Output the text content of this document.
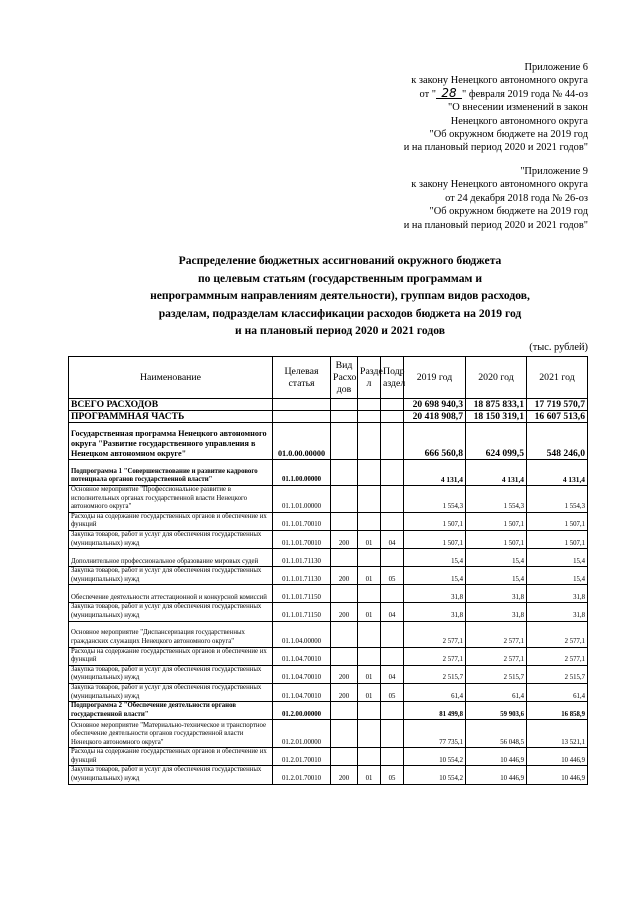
Приложение 6
к закону Ненецкого автономного округа
от " 28 " февраля 2019 года № 44-оз
"О внесении изменений в закон
Ненецкого автономного округа
"Об окружном бюджете на 2019 год
и на плановый период 2020 и 2021 годов"
"Приложение 9
к закону Ненецкого автономного округа
от 24 декабря 2018 года № 26-оз
"Об окружном бюджете на 2019 год
и на плановый период 2020 и 2021 годов"
Распределение бюджетных ассигнований окружного бюджета
по целевым статьям (государственным программам и
непрограммным направлениям деятельности), группам видов расходов,
разделам, подразделам классификации расходов бюджета на 2019 год
и на плановый период 2020 и 2021 годов
(тыс. рублей)
Наименование	Целевая статья	Вид Расхо дов	Разде л	Подр аздел	2019 год	2020 год	2021 год
ВСЕГО РАСХОДОВ					20 698 940,3	18 875 833,1	17 719 570,7
ПРОГРАММНАЯ ЧАСТЬ					20 418 908,7	18 150 319,1	16 607 513,6
Государственная программа Ненецкого автономного округа "Развитие государственного управления в Ненецком автономном округе"	01.0.00.00000				666 560,8	624 099,5	548 246,0
Подпрограмма 1 "Совершенствование и развитие кадрового потенциала органов государственной власти"	01.1.00.00000				4 131,4	4 131,4	4 131,4
Основное мероприятие "Профессиональное развитие в исполнительных органах государственной власти Ненецкого автономного округа"	01.1.01.00000				1 554,3	1 554,3	1 554,3
Расходы на содержание государственных органов и обеспечение их функций	01.1.01.70010				1 507,1	1 507,1	1 507,1
Закупка товаров, работ и услуг для обеспечения государственных (муниципальных) нужд	01.1.01.70010	200	01	04	1 507,1	1 507,1	1 507,1
Дополнительное профессиональное образование мировых судей	01.1.01.71130				15,4	15,4	15,4
Закупка товаров, работ и услуг для обеспечения государственных (муниципальных) нужд	01.1.01.71130	200	01	05	15,4	15,4	15,4
Обеспечение деятельности аттестационной и конкурсной комиссий	01.1.01.71150				31,8	31,8	31,8
Закупка товаров, работ и услуг для обеспечения государственных (муниципальных) нужд	01.1.01.71150	200	01	04	31,8	31,8	31,8
Основное мероприятие "Диспансеризация государственных гражданских служащих Ненецкого автономного округа"	01.1.04.00000				2 577,1	2 577,1	2 577,1
Расходы на содержание государственных органов и обеспечение их функций	01.1.04.70010				2 577,1	2 577,1	2 577,1
Закупка товаров, работ и услуг для обеспечения государственных (муниципальных) нужд	01.1.04.70010	200	01	04	2 515,7	2 515,7	2 515,7
Закупка товаров, работ и услуг для обеспечения государственных (муниципальных) нужд	01.1.04.70010	200	01	05	61,4	61,4	61,4
Подпрограмма 2 "Обеспечение деятельности органов государственной власти"	01.2.00.00000				81 499,8	59 903,6	16 858,9
Основное мероприятие "Материально-техническое и транспортное обеспечение деятельности органов государственной власти Ненецкого автономного округа"	01.2.01.00000				77 735,1	56 048,5	13 521,1
Расходы на содержание государственных органов и обеспечение их функций	01.2.01.70010				10 554,2	10 446,9	10 446,9
Закупка товаров, работ и услуг для обеспечения государственных (муниципальных) нужд	01.2.01.70010	200	01	05	10 554,2	10 446,9	10 446,9
